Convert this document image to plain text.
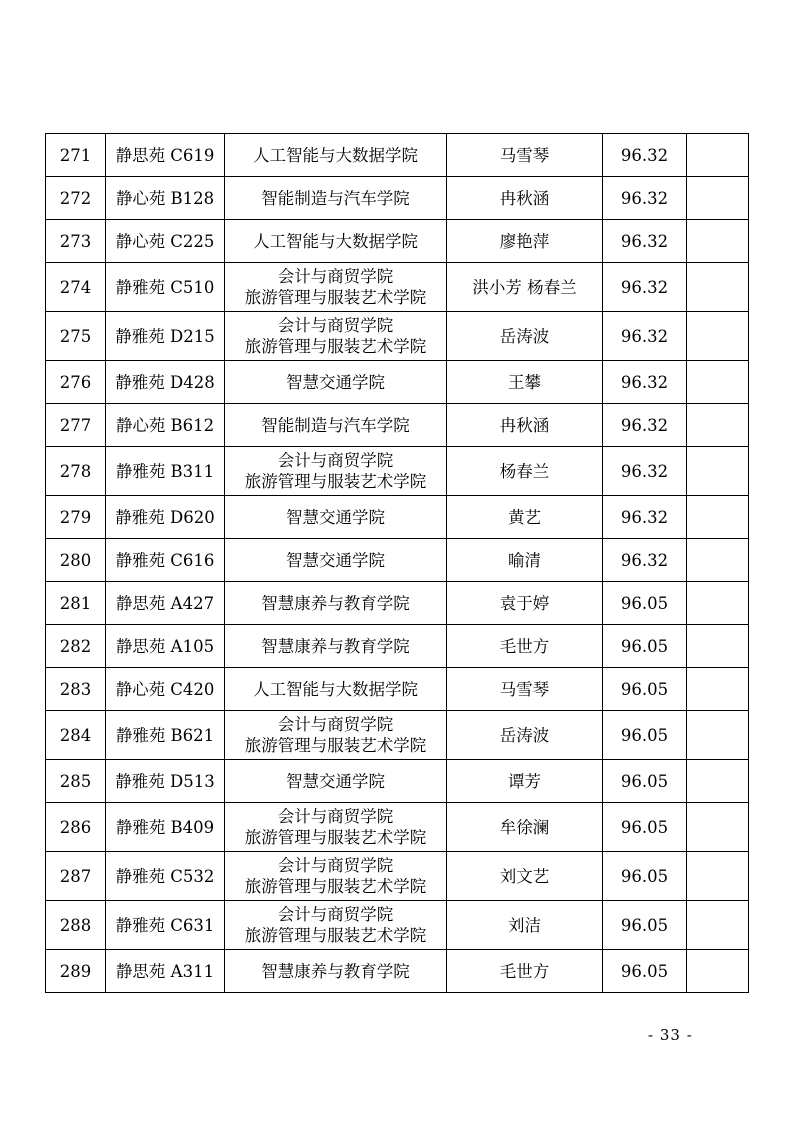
271	静思苑 C619	人工智能与大数据学院	马雪琴	96.32	
272	静心苑 B128	智能制造与汽车学院	冉秋涵	96.32	
273	静心苑 C225	人工智能与大数据学院	廖艳萍	96.32	
274	静雅苑 C510	会计与商贸学院
旅游管理与服装艺术学院	洪小芳 杨春兰	96.32	
275	静雅苑 D215	会计与商贸学院
旅游管理与服装艺术学院	岳涛波	96.32	
276	静雅苑 D428	智慧交通学院	王攀	96.32	
277	静心苑 B612	智能制造与汽车学院	冉秋涵	96.32	
278	静雅苑 B311	会计与商贸学院
旅游管理与服装艺术学院	杨春兰	96.32	
279	静雅苑 D620	智慧交通学院	黄艺	96.32	
280	静雅苑 C616	智慧交通学院	喻清	96.32	
281	静思苑 A427	智慧康养与教育学院	袁于婷	96.05	
282	静思苑 A105	智慧康养与教育学院	毛世方	96.05	
283	静心苑 C420	人工智能与大数据学院	马雪琴	96.05	
284	静雅苑 B621	会计与商贸学院
旅游管理与服装艺术学院	岳涛波	96.05	
285	静雅苑 D513	智慧交通学院	谭芳	96.05	
286	静雅苑 B409	会计与商贸学院
旅游管理与服装艺术学院	牟徐澜	96.05	
287	静雅苑 C532	会计与商贸学院
旅游管理与服装艺术学院	刘文艺	96.05	
288	静雅苑 C631	会计与商贸学院
旅游管理与服装艺术学院	刘洁	96.05	
289	静思苑 A311	智慧康养与教育学院	毛世方	96.05	
- 33 -
